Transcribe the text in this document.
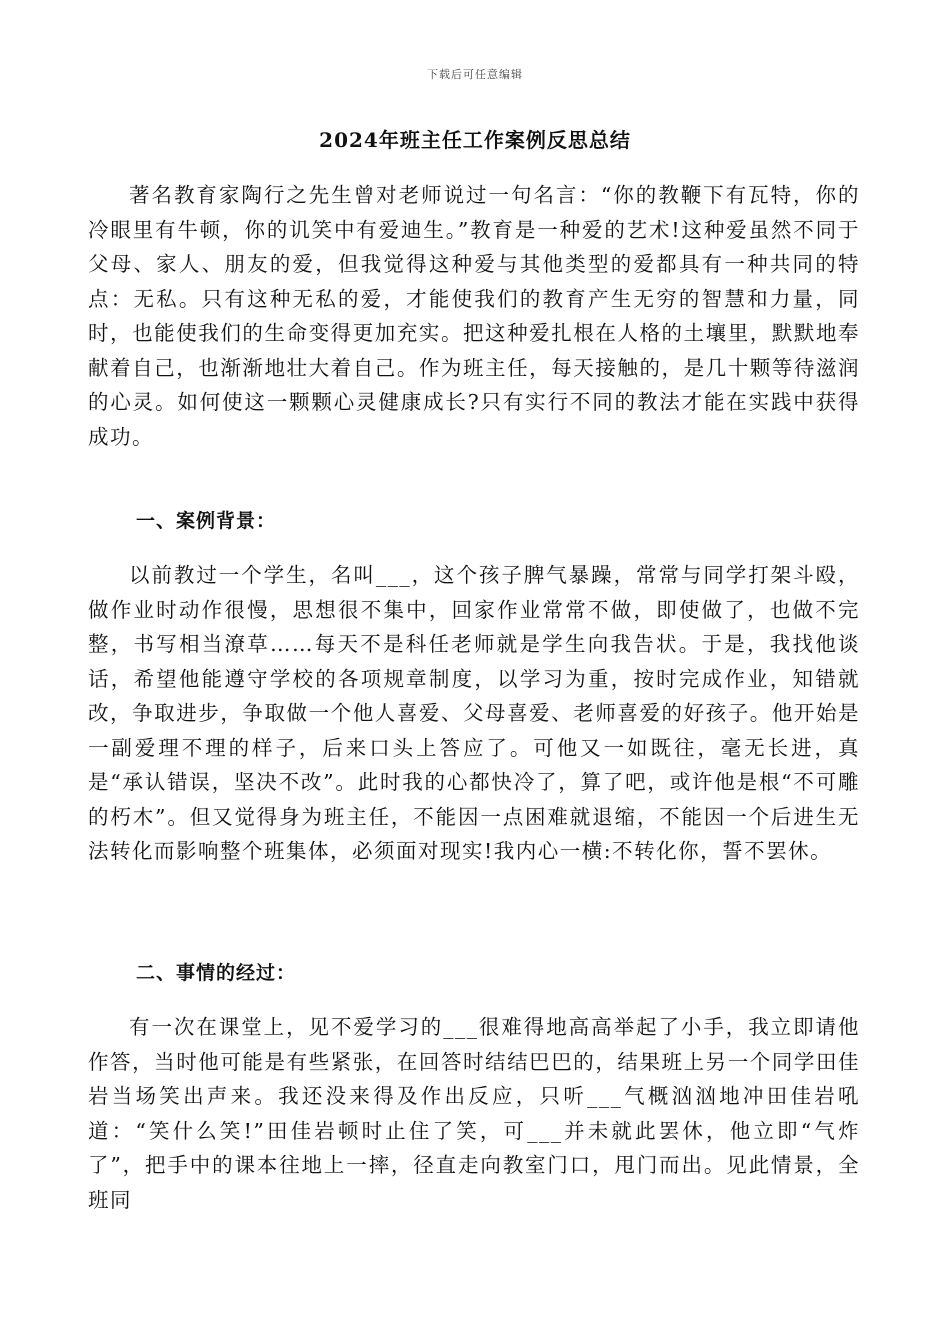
下载后可任意编辑
2024年班主任工作案例反思总结

著名教育家陶行之先生曾对老师说过一句名言：“你的教鞭下有瓦特，你的冷眼里有牛顿，你的讥笑中有爱迪生。”教育是一种爱的艺术!这种爱虽然不同于父母、家人、朋友的爱，但我觉得这种爱与其他类型的爱都具有一种共同的特点：无私。只有这种无私的爱，才能使我们的教育产生无穷的智慧和力量，同时，也能使我们的生命变得更加充实。把这种爱扎根在人格的土壤里，默默地奉献着自己，也渐渐地壮大着自己。作为班主任，每天接触的，是几十颗等待滋润的心灵。如何使这一颗颗心灵健康成长?只有实行不同的教法才能在实践中获得成功。

一、案例背景：

以前教过一个学生，名叫___，这个孩子脾气暴躁，常常与同学打架斗殴，做作业时动作很慢，思想很不集中，回家作业常常不做，即使做了，也做不完整，书写相当潦草……每天不是科任老师就是学生向我告状。于是，我找他谈话，希望他能遵守学校的各项规章制度，以学习为重，按时完成作业，知错就改，争取进步，争取做一个他人喜爱、父母喜爱、老师喜爱的好孩子。他开始是一副爱理不理的样子，后来口头上答应了。可他又一如既往，毫无长进，真是“承认错误，坚决不改”。此时我的心都快冷了，算了吧，或许他是根“不可雕的朽木”。但又觉得身为班主任，不能因一点困难就退缩，不能因一个后进生无法转化而影响整个班集体，必须面对现实!我内心一横:不转化你，誓不罢休。

二、事情的经过：

有一次在课堂上，见不爱学习的___很难得地高高举起了小手，我立即请他作答，当时他可能是有些紧张，在回答时结结巴巴的，结果班上另一个同学田佳岩当场笑出声来。我还没来得及作出反应，只听___气概汹汹地冲田佳岩吼道：“笑什么笑!”田佳岩顿时止住了笑，可___并未就此罢休，他立即“气炸了”，把手中的课本往地上一摔，径直走向教室门口，甩门而出。见此情景，全班同
